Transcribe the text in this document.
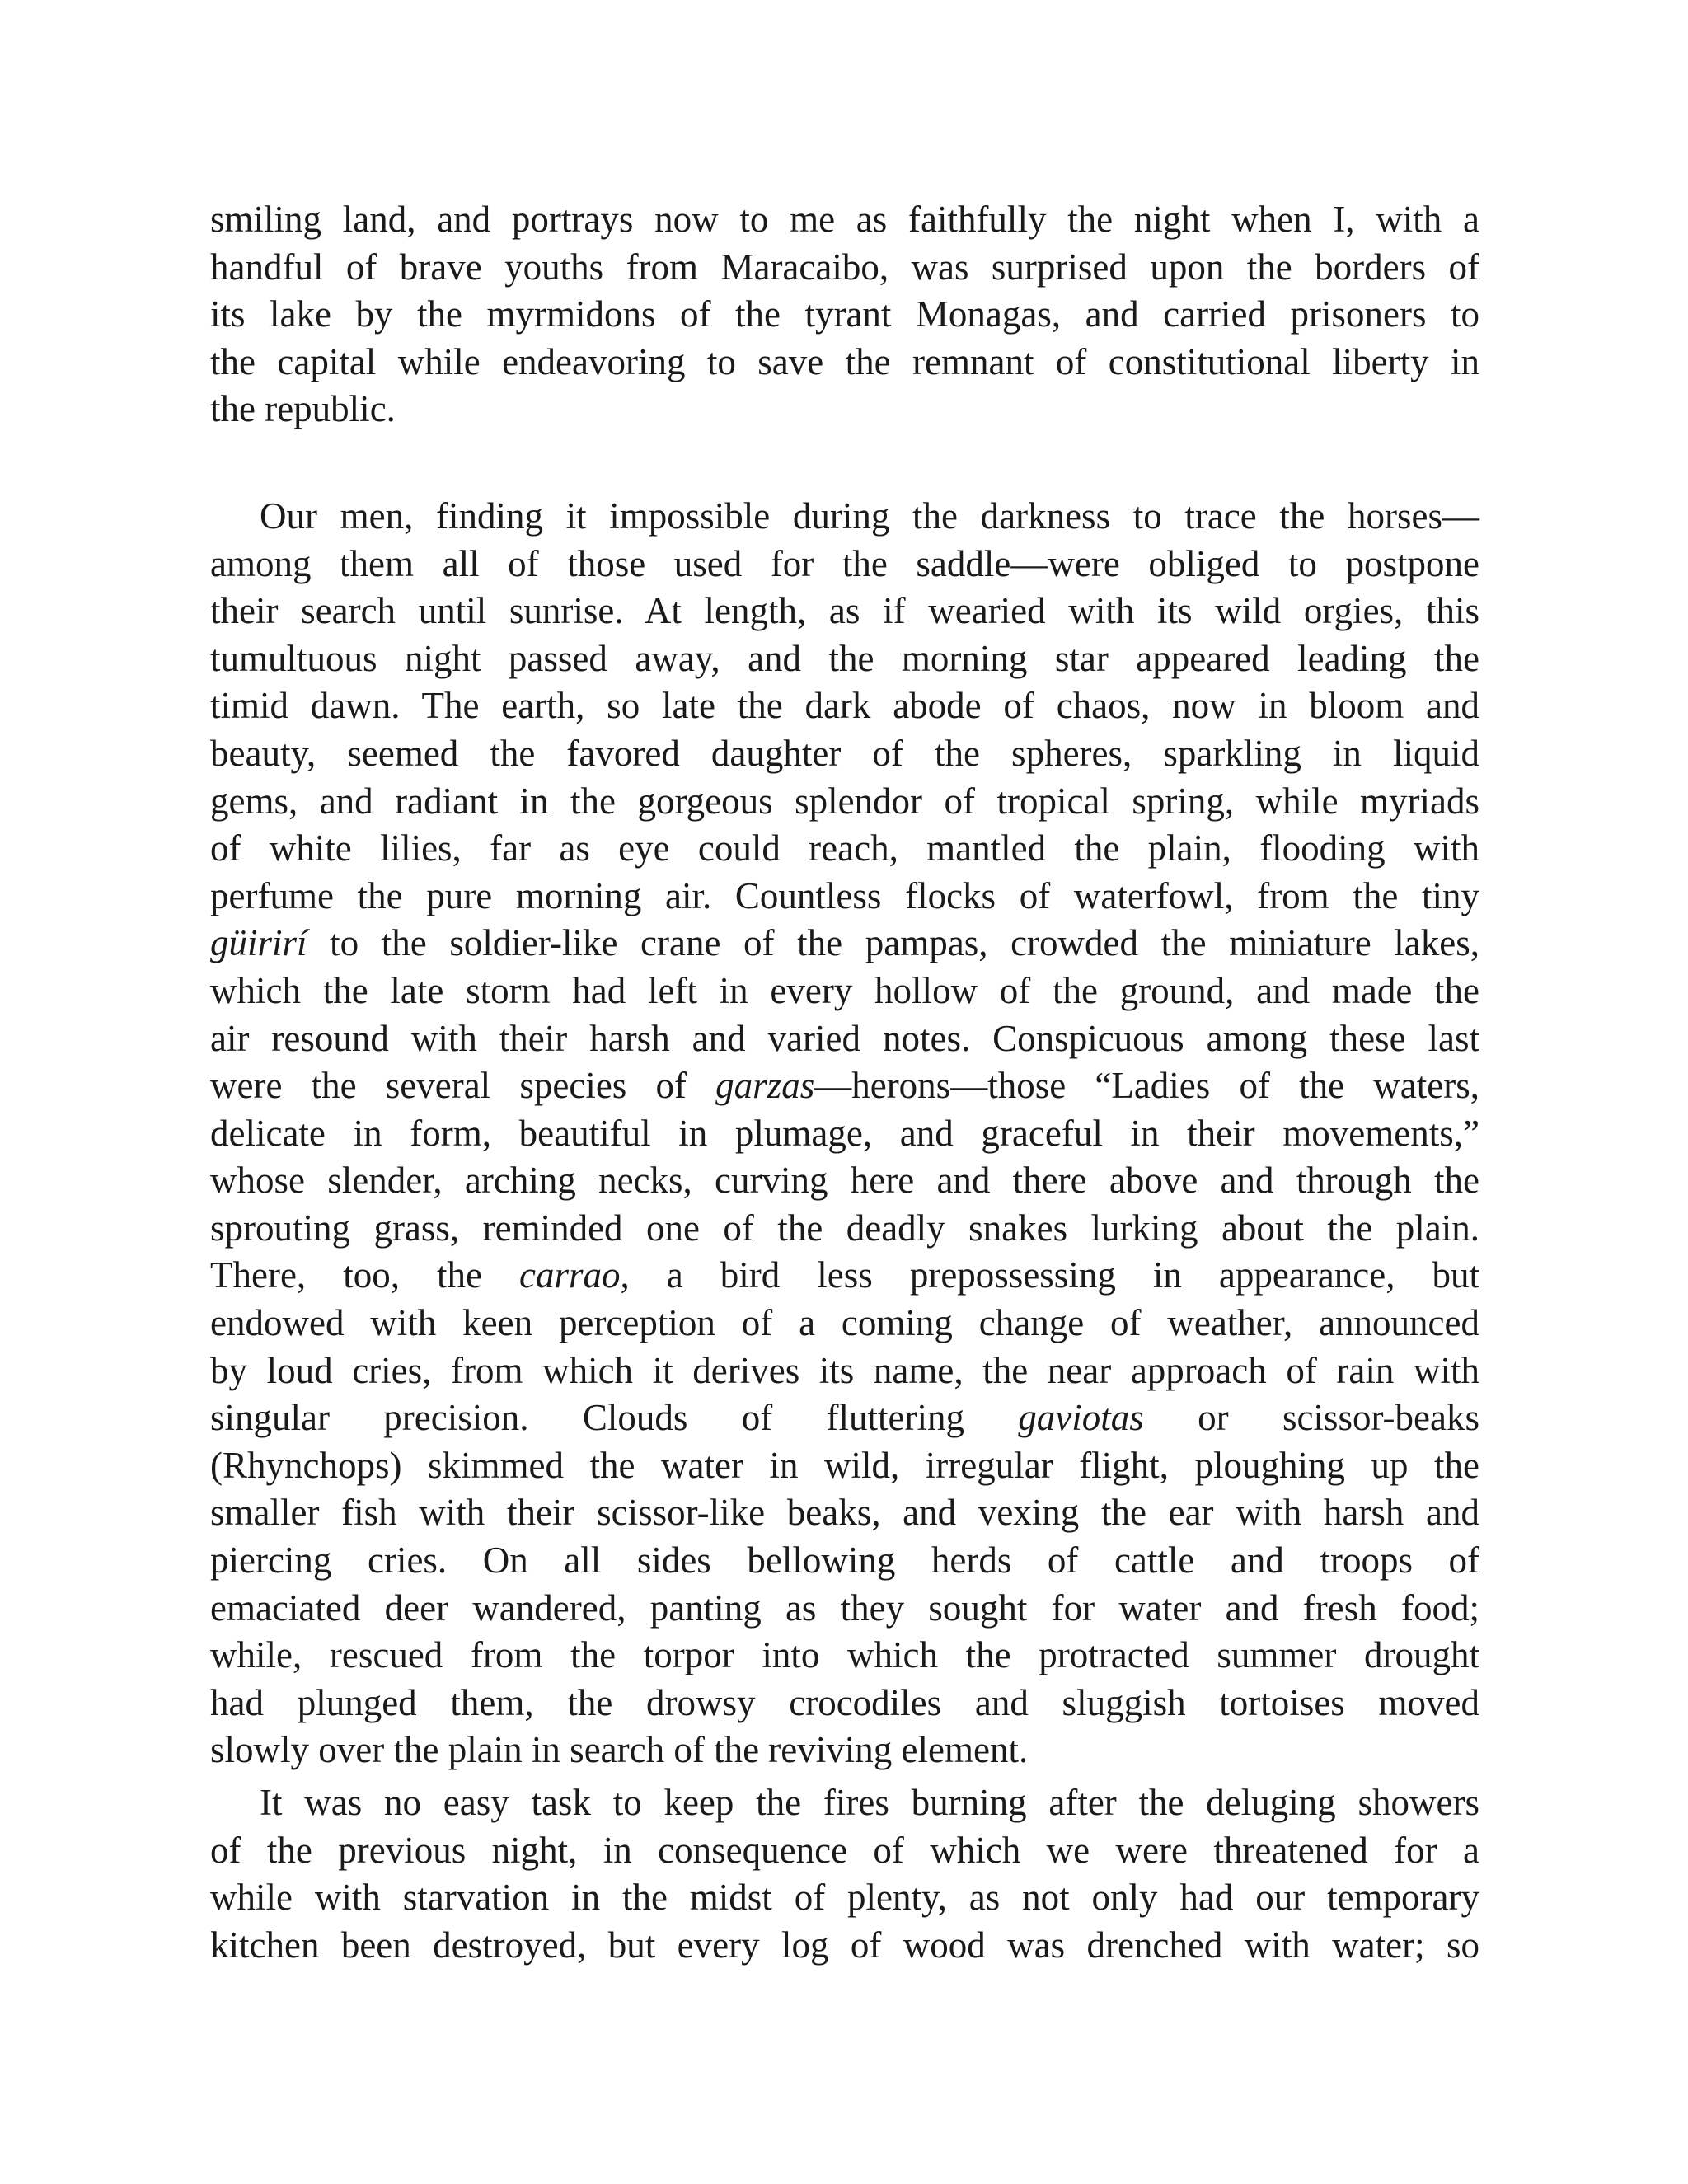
smiling land, and portrays now to me as faithfully the night when I, with a
handful of brave youths from Maracaibo, was surprised upon the borders of
its lake by the myrmidons of the tyrant Monagas, and carried prisoners to
the capital while endeavoring to save the remnant of constitutional liberty in
the republic.

Our men, finding it impossible during the darkness to trace the horses—
among them all of those used for the saddle—were obliged to postpone
their search until sunrise. At length, as if wearied with its wild orgies, this
tumultuous night passed away, and the morning star appeared leading the
timid dawn. The earth, so late the dark abode of chaos, now in bloom and
beauty, seemed the favored daughter of the spheres, sparkling in liquid
gems, and radiant in the gorgeous splendor of tropical spring, while myriads
of white lilies, far as eye could reach, mantled the plain, flooding with
perfume the pure morning air. Countless flocks of waterfowl, from the tiny
güirirí to the soldier-like crane of the pampas, crowded the miniature lakes,
which the late storm had left in every hollow of the ground, and made the
air resound with their harsh and varied notes. Conspicuous among these last
were the several species of garzas—herons—those “Ladies of the waters,
delicate in form, beautiful in plumage, and graceful in their movements,”
whose slender, arching necks, curving here and there above and through the
sprouting grass, reminded one of the deadly snakes lurking about the plain.
There, too, the carrao, a bird less prepossessing in appearance, but
endowed with keen perception of a coming change of weather, announced
by loud cries, from which it derives its name, the near approach of rain with
singular precision. Clouds of fluttering gaviotas or scissor-beaks
(Rhynchops) skimmed the water in wild, irregular flight, ploughing up the
smaller fish with their scissor-like beaks, and vexing the ear with harsh and
piercing cries. On all sides bellowing herds of cattle and troops of
emaciated deer wandered, panting as they sought for water and fresh food;
while, rescued from the torpor into which the protracted summer drought
had plunged them, the drowsy crocodiles and sluggish tortoises moved
slowly over the plain in search of the reviving element.

It was no easy task to keep the fires burning after the deluging showers
of the previous night, in consequence of which we were threatened for a
while with starvation in the midst of plenty, as not only had our temporary
kitchen been destroyed, but every log of wood was drenched with water; so
